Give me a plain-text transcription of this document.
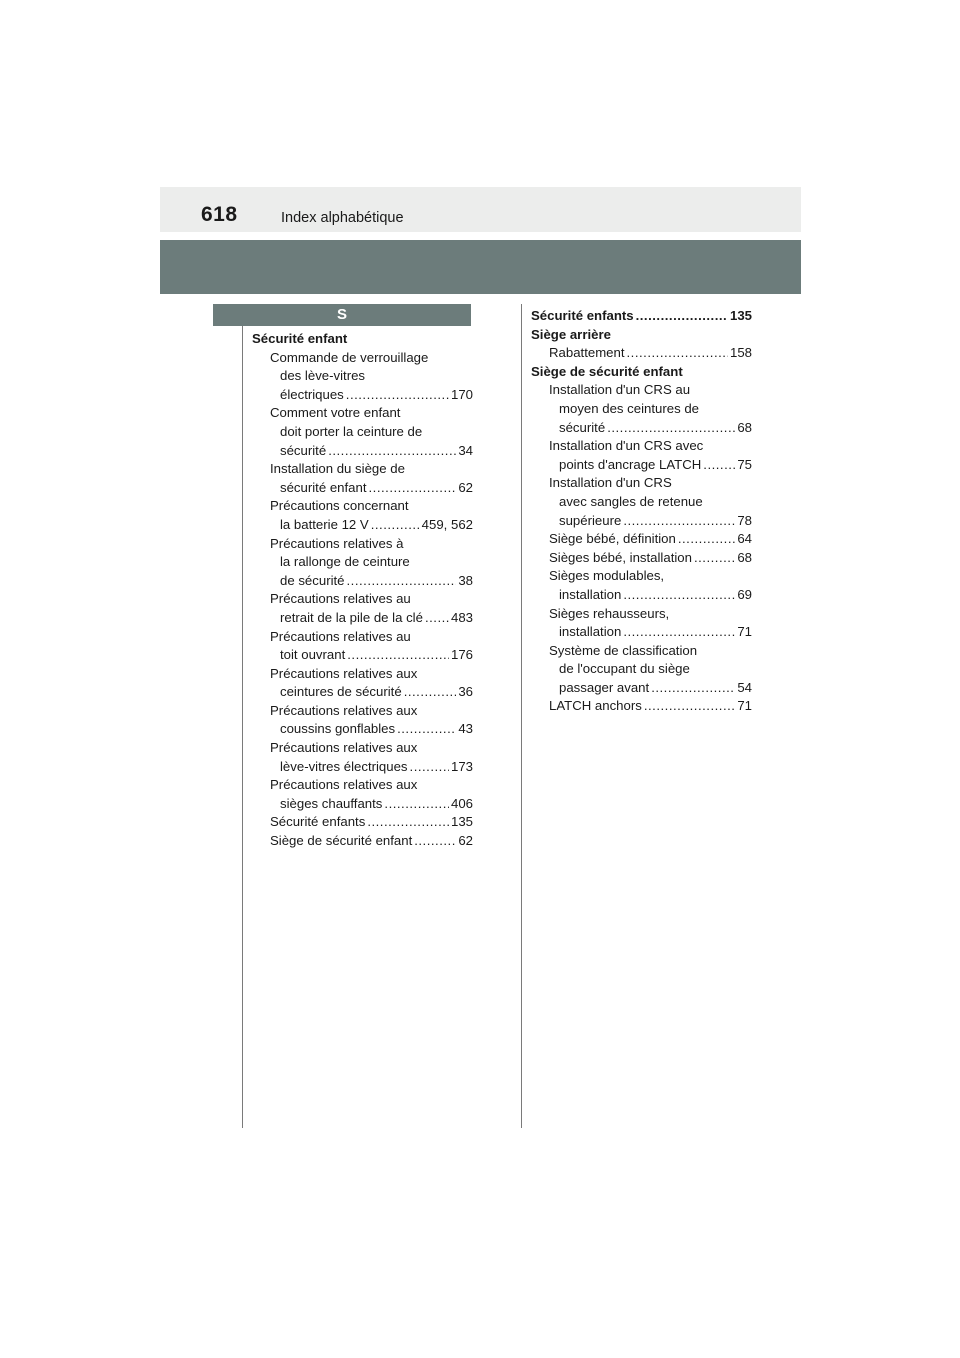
618	Index alphabétique
S
Sécurité enfant
Commande de verrouillage
des lève-vitres
électriques .....	170
Comment votre enfant
doit porter la ceinture de
sécurité .....	34
Installation du siège de
sécurité enfant .....	62
Précautions concernant
la batterie 12 V .....	459, 562
Précautions relatives à
la rallonge de ceinture
de sécurité .....	38
Précautions relatives au
retrait de la pile de la clé ..... 483
Précautions relatives au
toit ouvrant .....	176
Précautions relatives aux
ceintures de sécurité .....	36
Précautions relatives aux
coussins gonflables .....	43
Précautions relatives aux
lève-vitres électriques .....	173
Précautions relatives aux
sièges chauffants .....	406
Sécurité enfants .....	135
Siège de sécurité enfant .....	62
Sécurité enfants .....	135
Siège arrière
Rabattement .....	158
Siège de sécurité enfant
Installation d'un CRS au
moyen des ceintures de
sécurité .....	68
Installation d'un CRS avec
points d'ancrage LATCH .....	75
Installation d'un CRS
avec sangles de retenue
supérieure .....	78
Siège bébé, définition .....	64
Sièges bébé, installation .....	68
Sièges modulables,
installation .....	69
Sièges rehausseurs,
installation .....	71
Système de classification
de l'occupant du siège
passager avant .....	54
LATCH anchors .....	71
